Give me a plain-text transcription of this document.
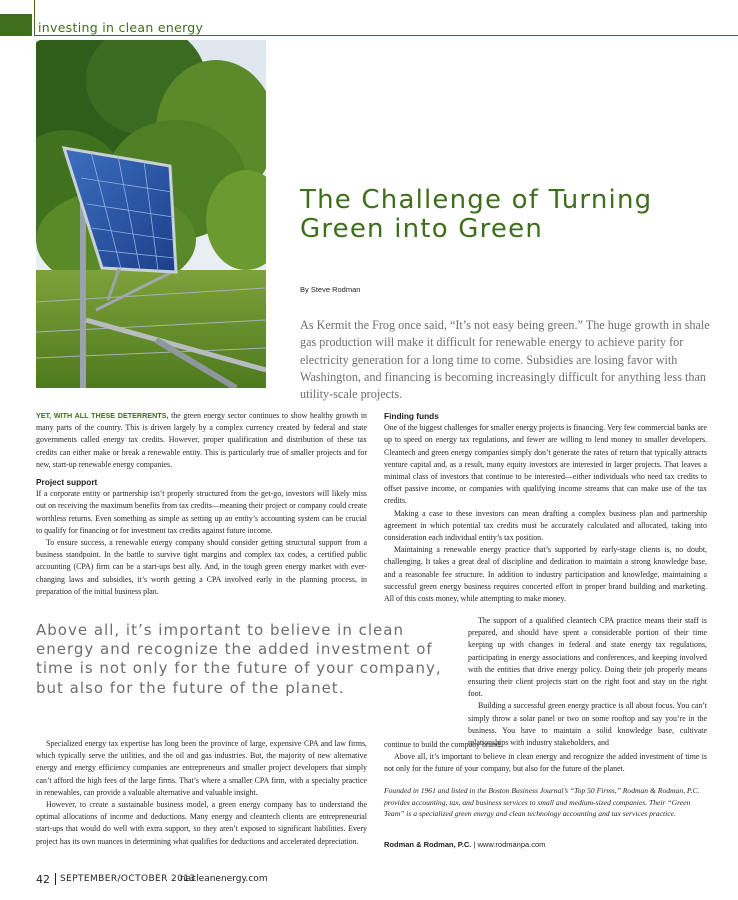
investing in clean energy
The Challenge of Turning Green into Green
By Steve Rodman

As Kermit the Frog once said, “It’s not easy being green.” The huge growth in shale gas production will make it difficult for renewable energy to achieve parity for electricity generation for a long time to come. Subsidies are losing favor with Washington, and financing is becoming increasingly difficult for anything less than utility-scale projects.

YET, WITH ALL THESE DETERRENTS, the green energy sector continues to show healthy growth in many parts of the country. This is driven largely by a complex currency created by federal and state governments called energy tax credits. However, proper qualification and distribution of these tax credits can either make or break a renewable entity. This is particularly true of smaller projects and for new, start-up renewable energy companies.

Project support

If a corporate entity or partnership isn’t properly structured from the get-go, investors will likely miss out on receiving the maximum benefits from tax credits—meaning their project or company could create worthless returns. Even something as simple as setting up an entity’s accounting system can be crucial to qualify for financing or for investment tax credits against future income.

To ensure success, a renewable energy company should consider getting structural support from a business standpoint. In the battle to survive tight margins and complex tax codes, a certified public accounting (CPA) firm can be a start-ups best ally. And, in the tough green energy market with ever-changing laws and subsidies, it’s worth getting a CPA involved early in the planning process, in preparation of the initial business plan.

Above all, it’s important to believe in clean energy and recognize the added investment of time is not only for the future of your company, but also for the future of the planet.

Specialized energy tax expertise has long been the province of large, expensive CPA and law firms, which typically serve the utilities, and the oil and gas industries. But, the majority of new alternative energy and energy efficiency companies are entrepreneurs and smaller project developers that simply can’t afford the high fees of the large firms. That’s where a smaller CPA firm, with a specialty practice in renewables, can provide a valuable alternative and valuable insight.

However, to create a sustainable business model, a green energy company has to understand the optimal allocations of income and deductions. Many energy and cleantech clients are entrepreneurial start-ups that would do well with extra support, so they aren’t exposed to significant liabilities. Every project has its own nuances in determining what qualifies for deductions and accelerated depreciation.

Finding funds

One of the biggest challenges for smaller energy projects is financing. Very few commercial banks are up to speed on energy tax regulations, and fewer are willing to lend money to smaller developers. Cleantech and green energy companies simply don’t generate the rates of return that typically attracts venture capital and, as a result, many equity investors are interested in larger projects. That leaves a minimal class of investors that continue to be interested—either individuals who need tax credits to offset passive income, or companies with qualifying income streams that can make use of the tax credits.

Making a case to these investors can mean drafting a complex business plan and partnership agreement in which potential tax credits must be accurately calculated and allocated, taking into consideration each individual entity’s tax position.

Maintaining a renewable energy practice that’s supported by early-stage clients is, no doubt, challenging. It takes a great deal of discipline and dedication to maintain a strong knowledge base, and a reasonable fee structure. In addition to industry participation and knowledge, maintaining a successful green energy business requires concerted effort in proper brand building and marketing. All of this costs money, while attempting to make money.

The support of a qualified cleantech CPA practice means their staff is prepared, and should have spent a considerable portion of their time keeping up with changes in federal and state energy tax regulations, participating in energy associations and conferences, and keeping involved with the entities that drive energy policy. Doing their job properly means ensuring their client projects start on the right foot and stay on the right foot.

Building a successful green energy practice is all about focus. You can’t simply throw a solar panel or two on some rooftop and say you’re in the business. You have to maintain a solid knowledge base, cultivate relationships with industry stakeholders, and

continue to build the company brand.

Above all, it’s important to believe in clean energy and recognize the added investment of time is not only for the future of your company, but also for the future of the planet.

Founded in 1961 and listed in the Boston Business Journal’s “Top 50 Firms,” Rodman & Rodman, P.C. provides accounting, tax, and business services to small and medium-sized companies. Their “Green Team” is a specialized green energy and clean technology accounting and tax services practice.

Rodman & Rodman, P.C. | www.rodmanpa.com
42 SEPTEMBER/OCTOBER 2013
nacleanenergy.com
